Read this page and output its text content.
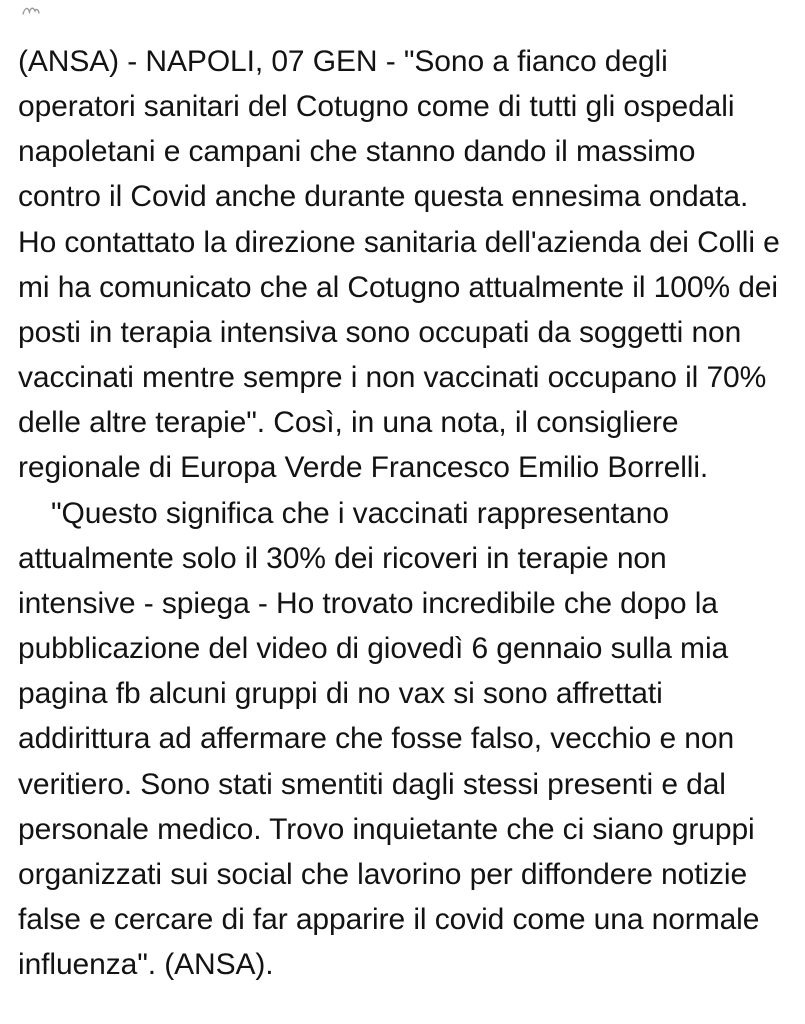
(ANSA) - NAPOLI, 07 GEN - "Sono a fianco degli
operatori sanitari del Cotugno come di tutti gli ospedali
napoletani e campani che stanno dando il massimo
contro il Covid anche durante questa ennesima ondata.
Ho contattato la direzione sanitaria dell'azienda dei Colli e
mi ha comunicato che al Cotugno attualmente il 100% dei
posti in terapia intensiva sono occupati da soggetti non
vaccinati mentre sempre i non vaccinati occupano il 70%
delle altre terapie". Così, in una nota, il consigliere
regionale di Europa Verde Francesco Emilio Borrelli.
"Questo significa che i vaccinati rappresentano
attualmente solo il 30% dei ricoveri in terapie non
intensive - spiega - Ho trovato incredibile che dopo la
pubblicazione del video di giovedì 6 gennaio sulla mia
pagina fb alcuni gruppi di no vax si sono affrettati
addirittura ad affermare che fosse falso, vecchio e non
veritiero. Sono stati smentiti dagli stessi presenti e dal
personale medico. Trovo inquietante che ci siano gruppi
organizzati sui social che lavorino per diffondere notizie
false e cercare di far apparire il covid come una normale
influenza". (ANSA).
